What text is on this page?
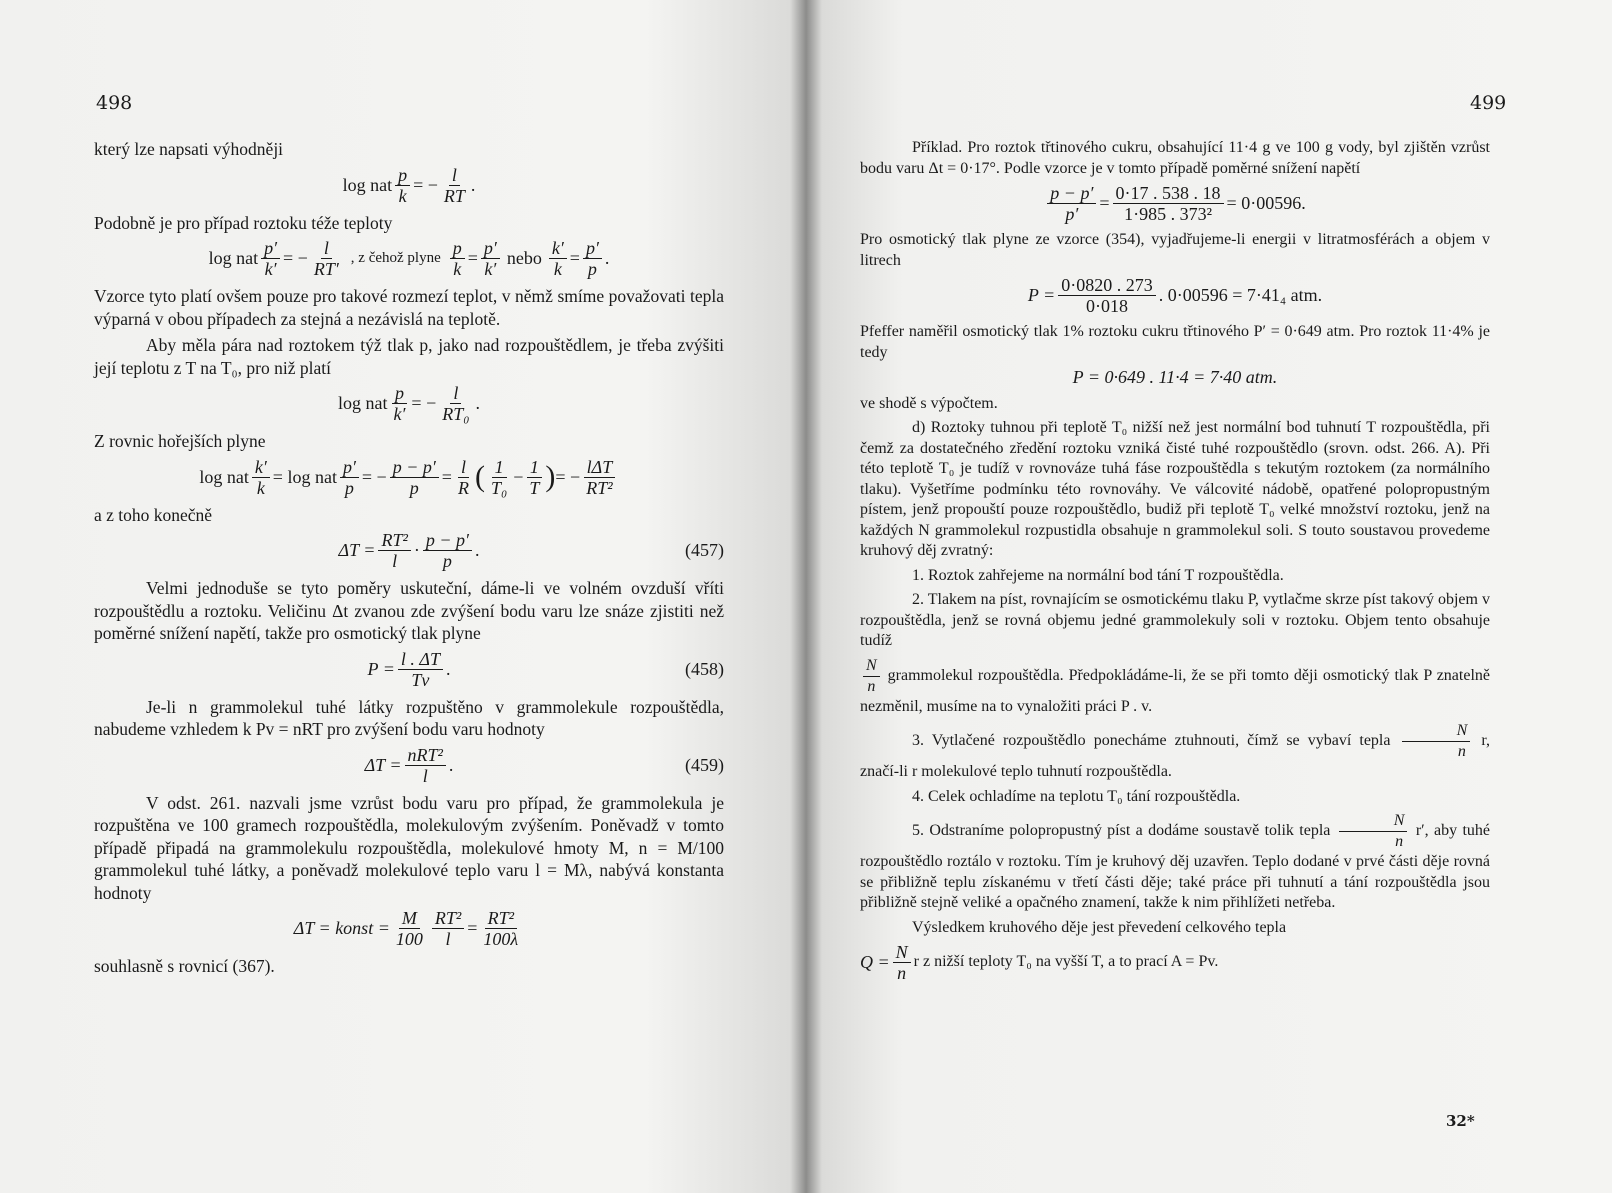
498

který lze napsati výhodněji

log nat $\frac{p}{k}$ = − $\frac{l}{RT}$ .

Podobně je pro případ roztoku téže teploty

log nat $\frac{p'}{k'}$ = − $\frac{l}{RT'}$ , z čehož plyne $\frac{p}{k} = \frac{p'}{k'}$ nebo $\frac{k'}{k} = \frac{p'}{p}$ .

Vzorce tyto platí ovšem pouze pro takové rozmezí teplot, v němž smíme považovati tepla výparná v obou případech za stejná a nezávislá na teplotě.

Aby měla pára nad roztokem týž tlak p, jako nad rozpouštědlem, je třeba zvýšiti její teplotu z T na T₀, pro niž platí

log nat $\frac{p}{k'}$ = − $\frac{l}{\text{RT₀}}$ .

Z rovnic hořejších plyne

log nat $\frac{k'}{k} = \log$ nat $\frac{p'}{p}$ = − $\frac{p - p'}{p} = \frac{l}{R}$ ( $\frac{1}{\text{T₀}} - \frac{1}{T}$ ) = − $\frac{\text{lΔT}}{\text{RT²}}$

a z toho konečně

$\Delta T = \frac{\text{RT²}}{l} \cdot \frac{p - p'}{p}$ .	(457)

Velmi jednoduše se tyto poměry uskuteční, dáme-li ve volném ovzduší vříti rozpouštědlu a roztoku. Veličinu Δt zvanou zde zvýšení bodu varu lze snáze zjistiti než poměrné snížení napětí, takže pro osmotický tlak plyne

$P = \frac{l . \Delta T}{Tv}$ .	(458)

Je-li n grammolekul tuhé látky rozpuštěno v grammolekule rozpouštědla, nabudeme vzhledem k Pv = nRT pro zvýšení bodu varu hodnoty

$\Delta T = \frac{\text{nRT²}}{l}$ .	(459)

V odst. 261. nazvali jsme vzrůst bodu varu pro případ, že grammolekula je rozpuštěna ve 100 gramech rozpouštědla, molekulovým zvýšením. Poněvadž v tomto případě připadá na grammolekulu rozpouštědla, molekulové hmoty M, n = M/100 grammolekul tuhé látky, a poněvadž molekulové teplo varu l = Mλ, nabývá konstanta hodnoty

ΔT = konst = $\frac{M}{100} \frac{\text{RT²}}{l} = \frac{\text{RT²}}{100\lambda}$

souhlasně s rovnicí (367).

Příklad. Pro roztok třtinového cukru, obsahující 11·4 g ve 100 g vody, byl zjištěn vzrůst bodu varu Δt = 0·17°. Podle vzorce je v tomto případě poměrné snížení napětí

$\frac{p - p'}{p'} = \frac{0\cdot 17 . 538 . 18}{\text{1·985 . 373²}} = 0\cdot 00596$.

Pro osmotický tlak plyne ze vzorce (354), vyjadřujeme-li energii v litratmosférách a objem v litrech

$P = \frac{0\cdot 0820 . 273}{0\cdot 018}$ . 0·00596 = 7·41₄ atm.

Pfeffer naměřil osmotický tlak 1% roztoku cukru třtinového P′ = 0·649 atm. Pro roztok 11·4% je tedy

P = 0·649 . 11·4 = 7·40 atm.

ve shodě s výpočtem.

d) Roztoky tuhnou při teplotě T₀ nižší než jest normální bod tuhnutí T rozpouštědla, při čemž za dostatečného zředění roztoku vzniká čisté tuhé rozpouštědlo (srovn. odst. 266. A). Při této teplotě T₀ je tudíž v rovnováze tuhá fáse rozpouštědla s tekutým roztokem (za normálního tlaku). Vyšetříme podmínku této rovnováhy. Ve válcovité nádobě, opatřené polopropustným pístem, jenž propouští pouze rozpouštědlo, budiž při teplotě T₀ velké množství roztoku, jenž na každých N grammolekul rozpustidla obsahuje n grammolekul soli. S touto soustavou provedeme kruhový děj zvratný:

1. Roztok zahřejeme na normální bod tání T rozpouštědla.

2. Tlakem na píst, rovnajícím se osmotickému tlaku P, vytlačme skrze píst takový objem v rozpouštědla, jenž se rovná objemu jedné grammolekuly soli v roztoku. Objem tento obsahuje tudíž

$\frac{N}{n}$ grammolekul rozpouštědla. Předpokládáme-li, že se při tomto ději osmotický tlak P znatelně nezměnil, musíme na to vynaložiti práci P . v.

3. Vytlačené rozpouštědlo ponecháme ztuhnouti, čímž se vybaví tepla $\frac{N}{n} r$, značí-li r molekulové teplo tuhnutí rozpouštědla.

4. Celek ochladíme na teplotu T₀ tání rozpouštědla.

5. Odstraníme polopropustný píst a dodáme soustavě tolik tepla $\frac{N}{n} r'$, aby tuhé rozpouštědlo roztálo v roztoku. Tím je kruhový děj uzavřen. Teplo dodané v prvé části děje rovná se přibližně teplu získanému v třetí části děje; také práce při tuhnutí a tání rozpouštědla jsou přibližně stejně veliké a opačného znamení, takže k nim přihlížeti netřeba.

Výsledkem kruhového děje jest převedení celkového tepla

$Q = \frac{N}{n}$ r z nižší teploty T₀ na vyšší T, a to prací A = Pv.
499
32*
